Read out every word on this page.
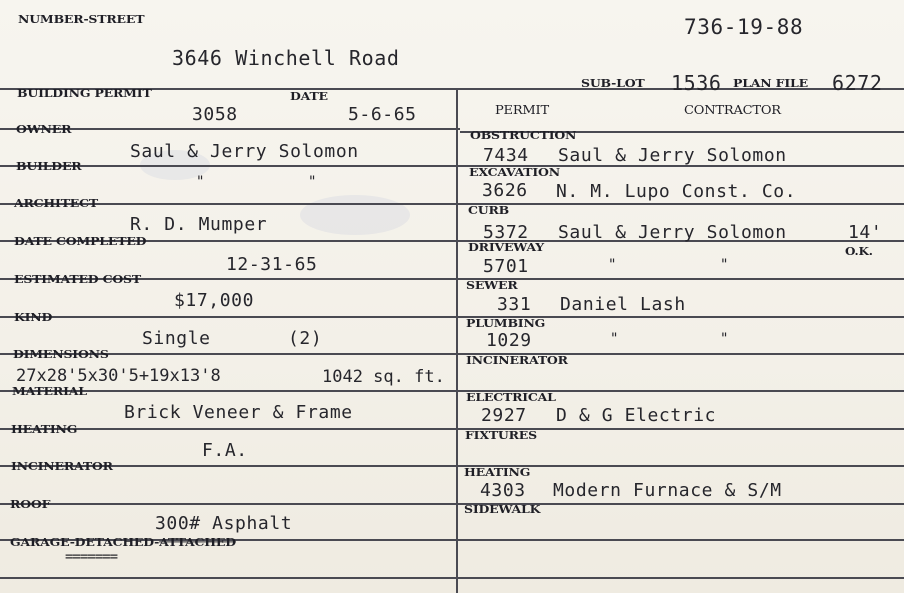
NUMBER-STREET
3646 Winchell Road
736-19-88
SUB-LOT 1536 PLAN FILE 6272
BUILDING PERMIT
3058
DATE
5-6-65
OWNER
Saul & Jerry Solomon
BUILDER
"	"
ARCHITECT
R. D. Mumper
DATE COMPLETED
12-31-65
ESTIMATED COST
$17,000
KIND
Single	(2)
DIMENSIONS
27x28'5x30'5+19x13'8	1042 sq. ft.
MATERIAL
Brick Veneer & Frame
HEATING
F.A.
INCINERATOR
ROOF
300# Asphalt
GARAGE-DETACHED-ATTACHED
=======
PERMIT	CONTRACTOR
OBSTRUCTION
7434 Saul & Jerry Solomon
EXCAVATION
3626 N. M. Lupo Const. Co.
CURB
5372 Saul & Jerry Solomon	14'
O.K.
DRIVEWAY
5701	"	"
SEWER
331 Daniel Lash
PLUMBING
1029	"	"
INCINERATOR
ELECTRICAL
2927 D & G Electric
FIXTURES
HEATING
4303 Modern Furnace & S/M
SIDEWALK
